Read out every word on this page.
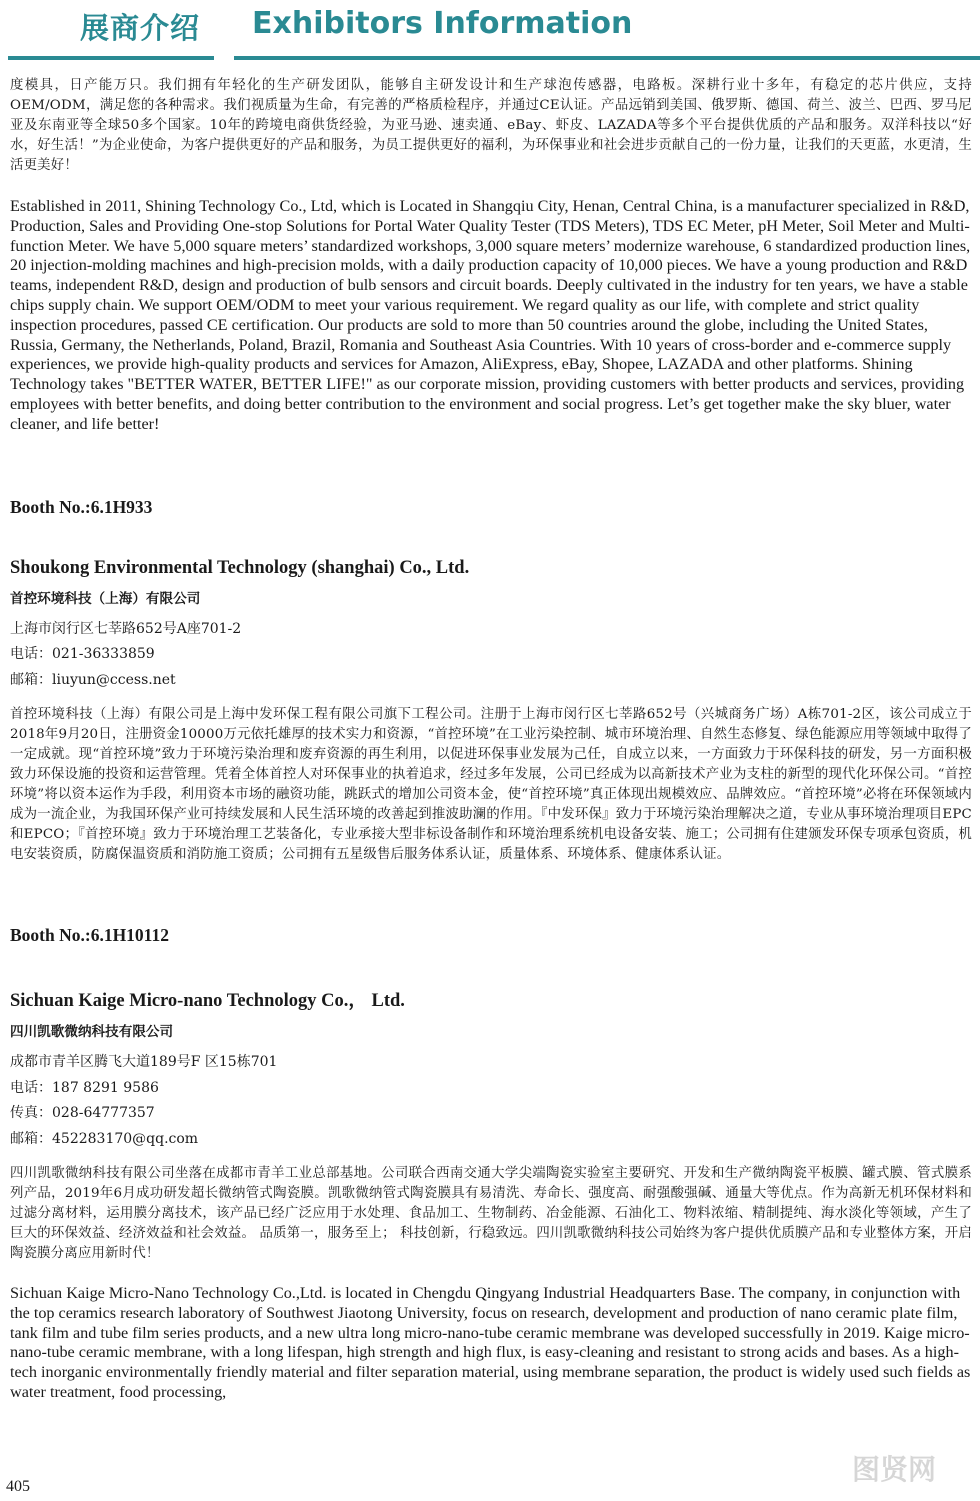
展商介绍 Exhibitors Information

度模具，日产能万只。我们拥有年轻化的生产研发团队，能够自主研发设计和生产球泡传感器，电路板。深耕行业十多年，有稳定的芯片供应，支持OEM/ODM，满足您的各种需求。我们视质量为生命，有完善的严格质检程序，并通过CE认证。产品远销到美国、俄罗斯、德国、荷兰、波兰、巴西、罗马尼亚及东南亚等全球50多个国家。10年的跨境电商供货经验，为亚马逊、速卖通、eBay、虾皮、LAZADA等多个平台提供优质的产品和服务。双洋科技以“好水，好生活！”为企业使命，为客户提供更好的产品和服务，为员工提供更好的福利，为环保事业和社会进步贡献自己的一份力量，让我们的天更蓝，水更清，生活更美好！

Established in 2011, Shining Technology Co., Ltd, which is Located in Shangqiu City, Henan, Central China, is a manufacturer specialized in R&D, Production, Sales and Providing One-stop Solutions for Portal Water Quality Tester (TDS Meters), TDS EC Meter, pH Meter, Soil Meter and Multi-function Meter. We have 5,000 square meters’ standardized workshops, 3,000 square meters’ modernize warehouse, 6 standardized production lines, 20 injection-molding machines and high-precision molds, with a daily production capacity of 10,000 pieces. We have a young production and R&D teams, independent R&D, design and production of bulb sensors and circuit boards. Deeply cultivated in the industry for ten years, we have a stable chips supply chain. We support OEM/ODM to meet your various requirement. We regard quality as our life, with complete and strict quality inspection procedures, passed CE certification. Our products are sold to more than 50 countries around the globe, including the United States, Russia, Germany, the Netherlands, Poland, Brazil, Romania and Southeast Asia Countries. With 10 years of cross-border and e-commerce supply experiences, we provide high-quality products and services for Amazon, AliExpress, eBay, Shopee, LAZADA and other platforms. Shining Technology takes "BETTER WATER, BETTER LIFE!" as our corporate mission, providing customers with better products and services, providing employees with better benefits, and doing better contribution to the environment and social progress. Let’s get together make the sky bluer, water cleaner, and life better!

Booth No.:6.1H933

Shoukong Environmental Technology (shanghai) Co., Ltd.

首控环境科技（上海）有限公司

上海市闵行区七莘路652号A座701-2

电话：021-36333859

邮箱：liuyun@ccess.net

首控环境科技（上海）有限公司是上海中发环保工程有限公司旗下工程公司。注册于上海市闵行区七莘路652号（兴城商务广场）A栋701-2区，该公司成立于2018年9月20日，注册资金10000万元依托雄厚的技术实力和资源，“首控环境”在工业污染控制、城市环境治理、自然生态修复、绿色能源应用等领域中取得了一定成就。现“首控环境”致力于环境污染治理和废弃资源的再生利用，以促进环保事业发展为己任，自成立以来，一方面致力于环保科技的研发，另一方面积极致力环保设施的投资和运营管理。凭着全体首控人对环保事业的执着追求，经过多年发展，公司已经成为以高新技术产业为支柱的新型的现代化环保公司。“首控环境”将以资本运作为手段，利用资本市场的融资功能，跳跃式的增加公司资本金，使“首控环境”真正体现出规模效应、品牌效应。“首控环境”必将在环保领域内成为一流企业，为我国环保产业可持续发展和人民生活环境的改善起到推波助澜的作用。『中发环保』致力于环境污染治理解决之道，专业从事环境治理项目EPC和EPCO；『首控环境』致力于环境治理工艺装备化，专业承接大型非标设备制作和环境治理系统机电设备安装、施工；公司拥有住建颁发环保专项承包资质，机电安装资质，防腐保温资质和消防施工资质；公司拥有五星级售后服务体系认证，质量体系、环境体系、健康体系认证。

Booth No.:6.1H10112

Sichuan Kaige Micro-nano Technology Co.， Ltd.

四川凯歌微纳科技有限公司

成都市青羊区腾飞大道189号F 区15栋701

电话：187 8291 9586

传真：028-64777357

邮箱：452283170@qq.com

四川凯歌微纳科技有限公司坐落在成都市青羊工业总部基地。公司联合西南交通大学尖端陶瓷实验室主要研究、开发和生产微纳陶瓷平板膜、罐式膜、管式膜系列产品，2019年6月成功研发超长微纳管式陶瓷膜。凯歌微纳管式陶瓷膜具有易清洗、寿命长、强度高、耐强酸强碱、通量大等优点。作为高新无机环保材料和过滤分离材料，运用膜分离技术，该产品已经广泛应用于水处理、食品加工、生物制药、冶金能源、石油化工、物料浓缩、精制提纯、海水淡化等领域，产生了巨大的环保效益、经济效益和社会效益。 品质第一，服务至上； 科技创新，行稳致远。四川凯歌微纳科技公司始终为客户提供优质膜产品和专业整体方案，开启陶瓷膜分离应用新时代！

Sichuan Kaige Micro-Nano Technology Co.,Ltd. is located in Chengdu Qingyang Industrial Headquarters Base. The company, in conjunction with the top ceramics research laboratory of Southwest Jiaotong University, focus on research, development and production of nano ceramic plate film, tank film and tube film series products, and a new ultra long micro-nano-tube ceramic membrane was developed successfully in 2019. Kaige micro-nano-tube ceramic membrane, with a long lifespan, high strength and high flux, is easy-cleaning and resistant to strong acids and bases. As a high-tech inorganic environmentally friendly material and filter separation material, using membrane separation, the product is widely used such fields as water treatment, food processing,

405
图贤网
